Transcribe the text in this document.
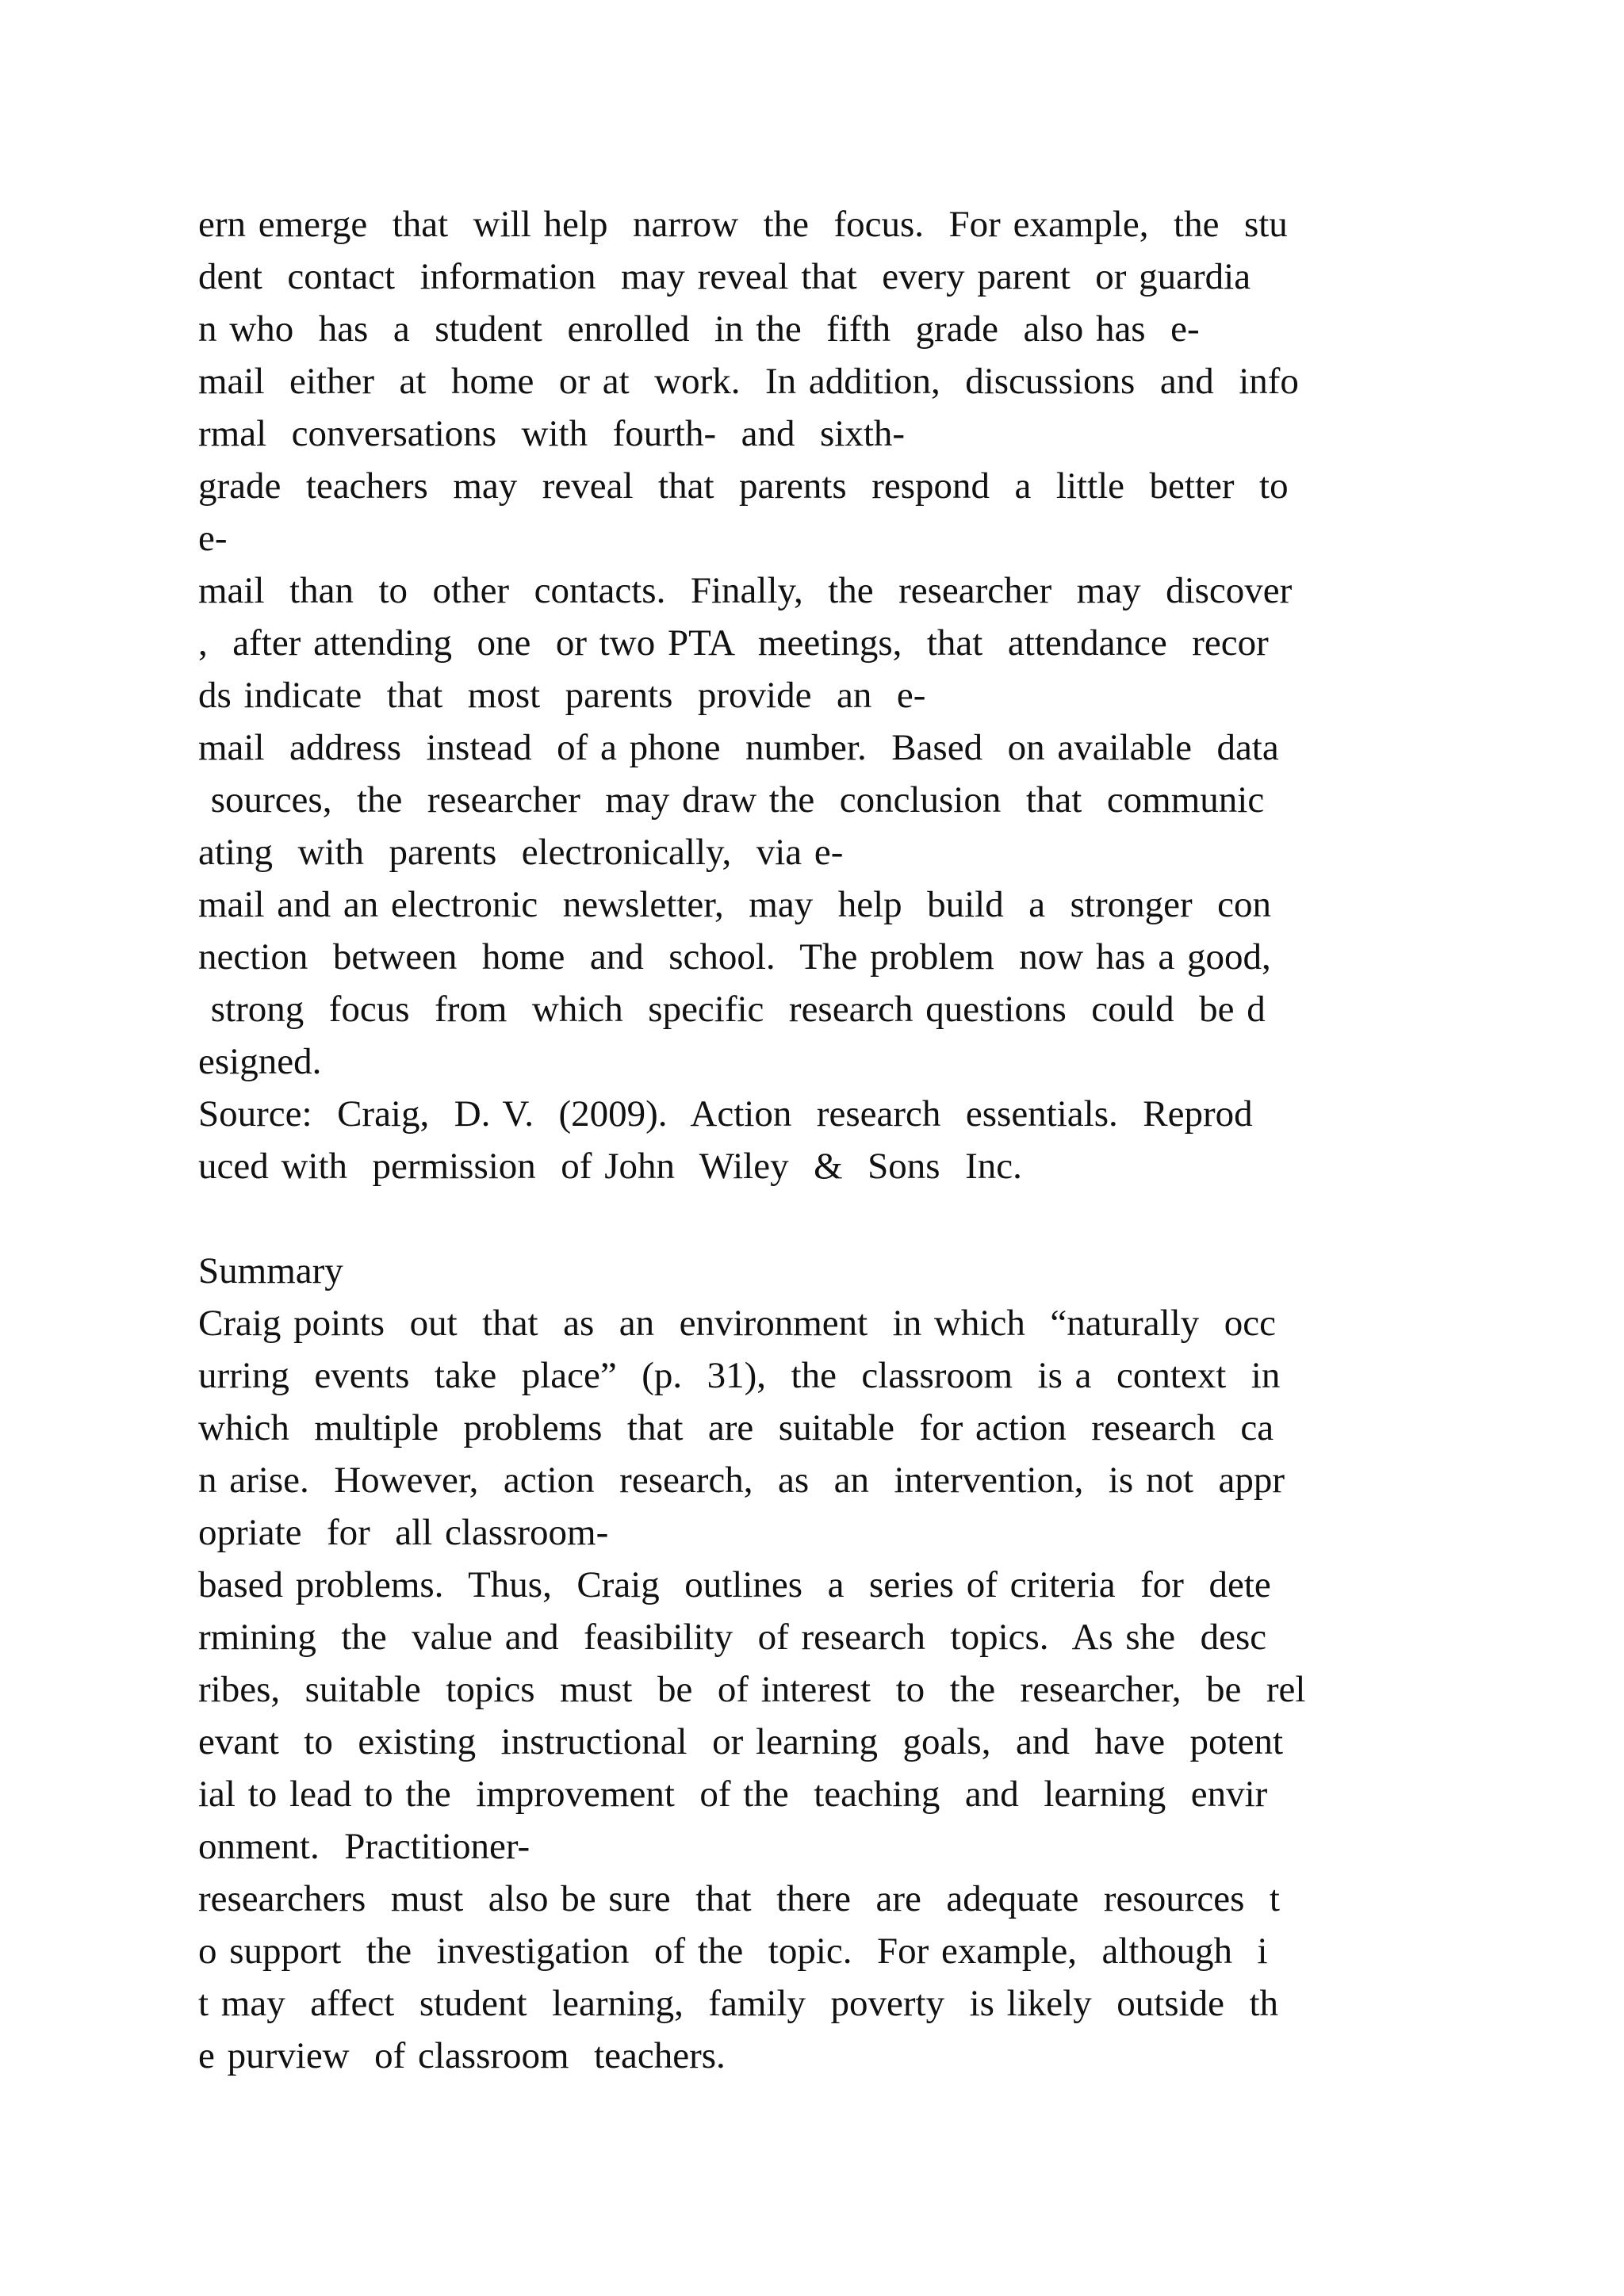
ern emerge  that  will help  narrow  the  focus.  For example,  the  stu
dent  contact  information  may reveal that  every parent  or guardia
n who  has  a  student  enrolled  in the  fifth  grade  also has  e-
mail  either  at  home  or at  work.  In addition,  discussions  and  info
rmal  conversations  with  fourth-  and  sixth-
grade  teachers  may  reveal  that  parents  respond  a  little  better  to
e-
mail  than  to  other  contacts.  Finally,  the  researcher  may  discover
,  after attending  one  or two PTA  meetings,  that  attendance  recor
ds indicate  that  most  parents  provide  an  e-
mail  address  instead  of a phone  number.  Based  on available  data
sources,  the  researcher  may draw the  conclusion  that  communic
ating  with  parents  electronically,  via e-
mail and an electronic  newsletter,  may  help  build  a  stronger  con
nection  between  home  and  school.  The problem  now has a good,
strong  focus  from  which  specific  research questions  could  be d
esigned.
Source:  Craig,  D. V.  (2009).  Action  research  essentials.  Reprod
uced with  permission  of John  Wiley  &  Sons  Inc.
Summary
Craig points  out  that  as  an  environment  in which  “naturally  occ
urring  events  take  place”  (p.  31),  the  classroom  is a  context  in
which  multiple  problems  that  are  suitable  for action  research  ca
n arise.  However,  action  research,  as  an  intervention,  is not  appr
opriate  for  all classroom-
based problems.  Thus,  Craig  outlines  a  series of criteria  for  dete
rmining  the  value and  feasibility  of research  topics.  As she  desc
ribes,  suitable  topics  must  be  of interest  to  the  researcher,  be  rel
evant  to  existing  instructional  or learning  goals,  and  have  potent
ial to lead to the  improvement  of the  teaching  and  learning  envir
onment.  Practitioner-
researchers  must  also be sure  that  there  are  adequate  resources  t
o support  the  investigation  of the  topic.  For example,  although  i
t may  affect  student  learning,  family  poverty  is likely  outside  th
e purview  of classroom  teachers.
